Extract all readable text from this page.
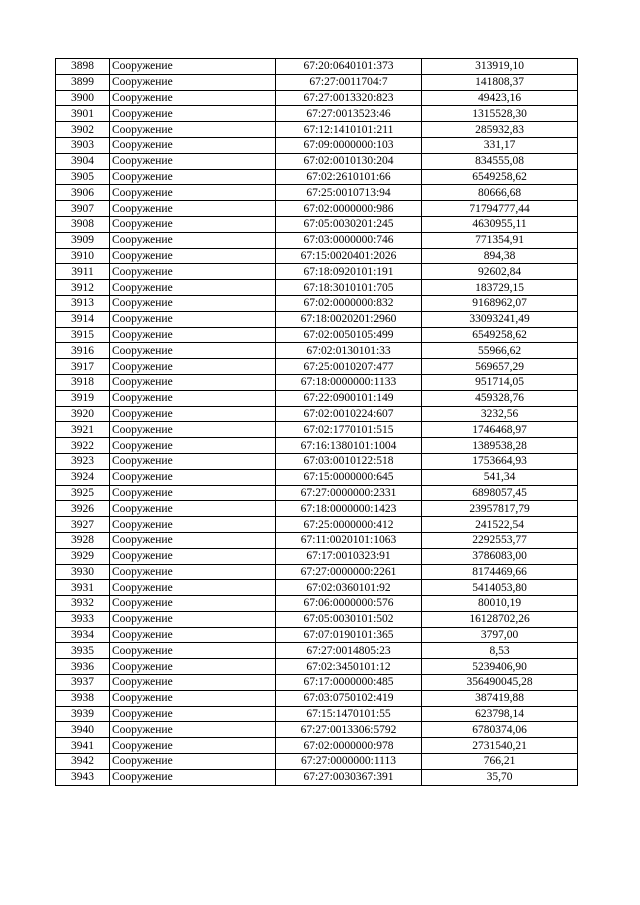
3898	Сооружение	67:20:0640101:373	313919,10
3899	Сооружение	67:27:0011704:7	141808,37
3900	Сооружение	67:27:0013320:823	49423,16
3901	Сооружение	67:27:0013523:46	1315528,30
3902	Сооружение	67:12:1410101:211	285932,83
3903	Сооружение	67:09:0000000:103	331,17
3904	Сооружение	67:02:0010130:204	834555,08
3905	Сооружение	67:02:2610101:66	6549258,62
3906	Сооружение	67:25:0010713:94	80666,68
3907	Сооружение	67:02:0000000:986	71794777,44
3908	Сооружение	67:05:0030201:245	4630955,11
3909	Сооружение	67:03:0000000:746	771354,91
3910	Сооружение	67:15:0020401:2026	894,38
3911	Сооружение	67:18:0920101:191	92602,84
3912	Сооружение	67:18:3010101:705	183729,15
3913	Сооружение	67:02:0000000:832	9168962,07
3914	Сооружение	67:18:0020201:2960	33093241,49
3915	Сооружение	67:02:0050105:499	6549258,62
3916	Сооружение	67:02:0130101:33	55966,62
3917	Сооружение	67:25:0010207:477	569657,29
3918	Сооружение	67:18:0000000:1133	951714,05
3919	Сооружение	67:22:0900101:149	459328,76
3920	Сооружение	67:02:0010224:607	3232,56
3921	Сооружение	67:02:1770101:515	1746468,97
3922	Сооружение	67:16:1380101:1004	1389538,28
3923	Сооружение	67:03:0010122:518	1753664,93
3924	Сооружение	67:15:0000000:645	541,34
3925	Сооружение	67:27:0000000:2331	6898057,45
3926	Сооружение	67:18:0000000:1423	23957817,79
3927	Сооружение	67:25:0000000:412	241522,54
3928	Сооружение	67:11:0020101:1063	2292553,77
3929	Сооружение	67:17:0010323:91	3786083,00
3930	Сооружение	67:27:0000000:2261	8174469,66
3931	Сооружение	67:02:0360101:92	5414053,80
3932	Сооружение	67:06:0000000:576	80010,19
3933	Сооружение	67:05:0030101:502	16128702,26
3934	Сооружение	67:07:0190101:365	3797,00
3935	Сооружение	67:27:0014805:23	8,53
3936	Сооружение	67:02:3450101:12	5239406,90
3937	Сооружение	67:17:0000000:485	356490045,28
3938	Сооружение	67:03:0750102:419	387419,88
3939	Сооружение	67:15:1470101:55	623798,14
3940	Сооружение	67:27:0013306:5792	6780374,06
3941	Сооружение	67:02:0000000:978	2731540,21
3942	Сооружение	67:27:0000000:1113	766,21
3943	Сооружение	67:27:0030367:391	35,70
